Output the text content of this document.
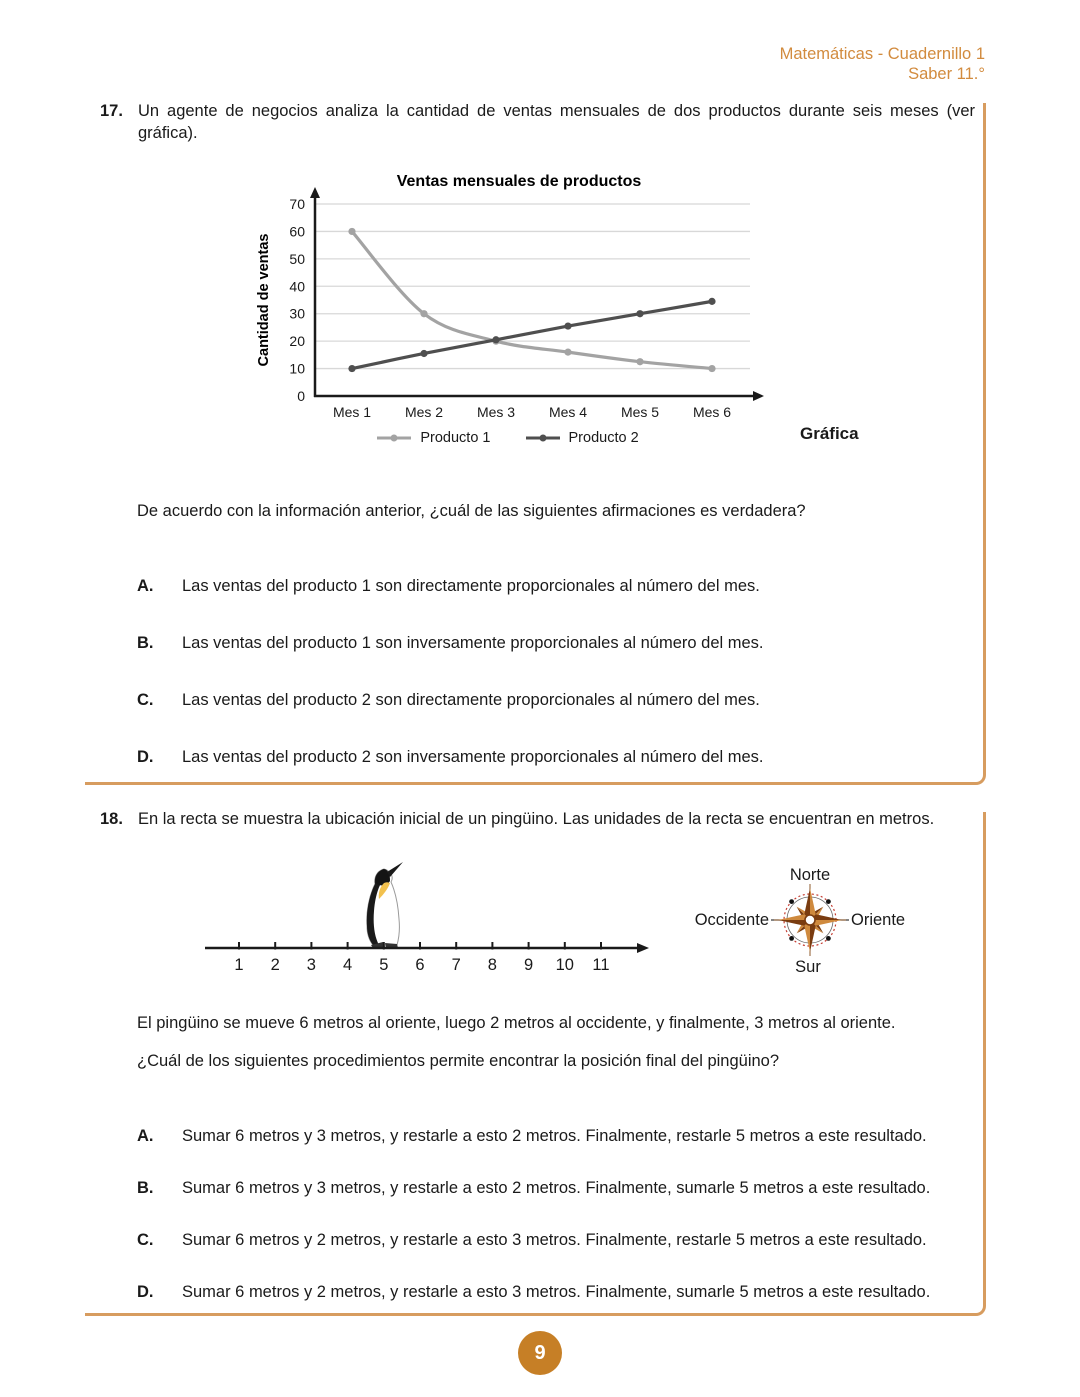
Matemáticas - Cuadernillo 1
Saber 11.°
17. Un agente de negocios analiza la cantidad de ventas mensuales de dos productos durante seis meses (ver gráfica).
Ventas mensuales de productos
Cantidad de ventas
0
10
20
30
40
50
60
70
Mes 1 Mes 2 Mes 3 Mes 4 Mes 5 Mes 6
Producto 1	Producto 2	Gráfica
De acuerdo con la información anterior, ¿cuál de las siguientes afirmaciones es verdadera?
A. Las ventas del producto 1 son directamente proporcionales al número del mes.
B. Las ventas del producto 1 son inversamente proporcionales al número del mes.
C. Las ventas del producto 2 son directamente proporcionales al número del mes.
D. Las ventas del producto 2 son inversamente proporcionales al número del mes.
18. En la recta se muestra la ubicación inicial de un pingüino. Las unidades de la recta se encuentran en metros.
1 2 3 4 5 6 7 8 9 10 11
Norte
Sur
Occidente	Oriente
El pingüino se mueve 6 metros al oriente, luego 2 metros al occidente, y finalmente, 3 metros al oriente.
¿Cuál de los siguientes procedimientos permite encontrar la posición final del pingüino?
A. Sumar 6 metros y 3 metros, y restarle a esto 2 metros. Finalmente, restarle 5 metros a este resultado.
B. Sumar 6 metros y 3 metros, y restarle a esto 2 metros. Finalmente, sumarle 5 metros a este resultado.
C. Sumar 6 metros y 2 metros, y restarle a esto 3 metros. Finalmente, restarle 5 metros a este resultado.
D. Sumar 6 metros y 2 metros, y restarle a esto 3 metros. Finalmente, sumarle 5 metros a este resultado.
9
